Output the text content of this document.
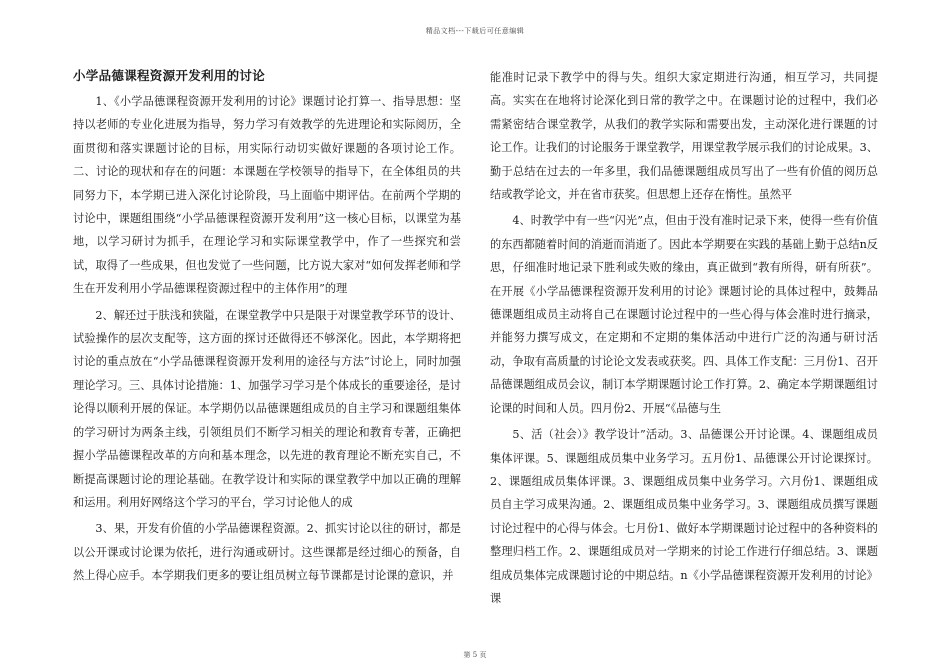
精品文档---下载后可任意编辑
小学品德课程资源开发利用的讨论

1、《小学品德课程资源开发利用的讨论》课题讨论打算一、指导思想：坚持以老师的专业化进展为指导，努力学习有效教学的先进理论和实际阅历，全面贯彻和落实课题讨论的目标，用实际行动切实做好课题的各项讨论工作。二、讨论的现状和存在的问题：本课题在学校领导的指导下，在全体组员的共同努力下，本学期已进入深化讨论阶段，马上面临中期评估。在前两个学期的讨论中，课题组围绕“小学品德课程资源开发利用”这一核心目标，以课堂为基地，以学习研讨为抓手，在理论学习和实际课堂教学中，作了一些探究和尝试，取得了一些成果，但也发觉了一些问题，比方说大家对“如何发挥老师和学生在开发利用小学品德课程资源过程中的主体作用”的理

2、解还过于肤浅和狭隘，在课堂教学中只是限于对课堂教学环节的设计、试验操作的层次支配等，这方面的探讨还做得还不够深化。因此，本学期将把讨论的重点放在“小学品德课程资源开发利用的途径与方法”讨论上，同时加强理论学习。三、具体讨论措施：1、加强学习学习是个体成长的重要途径，是讨论得以顺利开展的保证。本学期仍以品德课题组成员的自主学习和课题组集体的学习研讨为两条主线，引领组员们不断学习相关的理论和教育专著，正确把握小学品德课程改革的方向和基本理念，以先进的教育理论不断充实自己，不断提高课题讨论的理论基础。在教学设计和实际的课堂教学中加以正确的理解和运用。利用好网络这个学习的平台，学习讨论他人的成

3、果，开发有价值的小学品德课程资源。2、抓实讨论以往的研讨，都是以公开课或讨论课为依托，进行沟通或研讨。这些课都是经过细心的预备，自然上得心应手。本学期我们更多的要让组员树立每节课都是讨论课的意识，并

能准时记录下教学中的得与失。组织大家定期进行沟通，相互学习，共同提高。实实在在地将讨论深化到日常的教学之中。在课题讨论的过程中，我们必需紧密结合课堂教学，从我们的教学实际和需要出发，主动深化进行课题的讨论工作。让我们的讨论服务于课堂教学，用课堂教学展示我们的讨论成果。3、勤于总结在过去的一年多里，我们品德课题组成员写出了一些有价值的阅历总结或教学论文，并在省市获奖。但思想上还存在惰性。虽然平

4、时教学中有一些“闪光”点，但由于没有准时记录下来，使得一些有价值的东西都随着时间的消逝而消逝了。因此本学期要在实践的基础上勤于总结n反思，仔细准时地记录下胜利或失败的缘由，真正做到“教有所得，研有所获”。在开展《小学品德课程资源开发利用的讨论》课题讨论的具体过程中，鼓舞品德课题组成员主动将自己在课题讨论过程中的一些心得与体会准时进行摘录，并能努力撰写成文，在定期和不定期的集体活动中进行广泛的沟通与研讨活动，争取有高质量的讨论论文发表或获奖。四、具体工作支配：三月份1、召开品德课题组成员会议，制订本学期课题讨论工作打算。2、确定本学期课题组讨论课的时间和人员。四月份2、开展“《品德与生

5、活（社会）》教学设计”活动。3、品德课公开讨论课。4、课题组成员集体评课。5、课题组成员集中业务学习。五月份1、品德课公开讨论课探讨。2、课题组成员集体评课。3、课题组成员集中业务学习。六月份1、课题组成员自主学习成果沟通。2、课题组成员集中业务学习。3、课题组成员撰写课题讨论过程中的心得与体会。七月份1、做好本学期课题讨论过程中的各种资料的整理归档工作。2、课题组成员对一学期来的讨论工作进行仔细总结。3、课题组成员集体完成课题讨论的中期总结。n《小学品德课程资源开发利用的讨论》课

第 5 页
